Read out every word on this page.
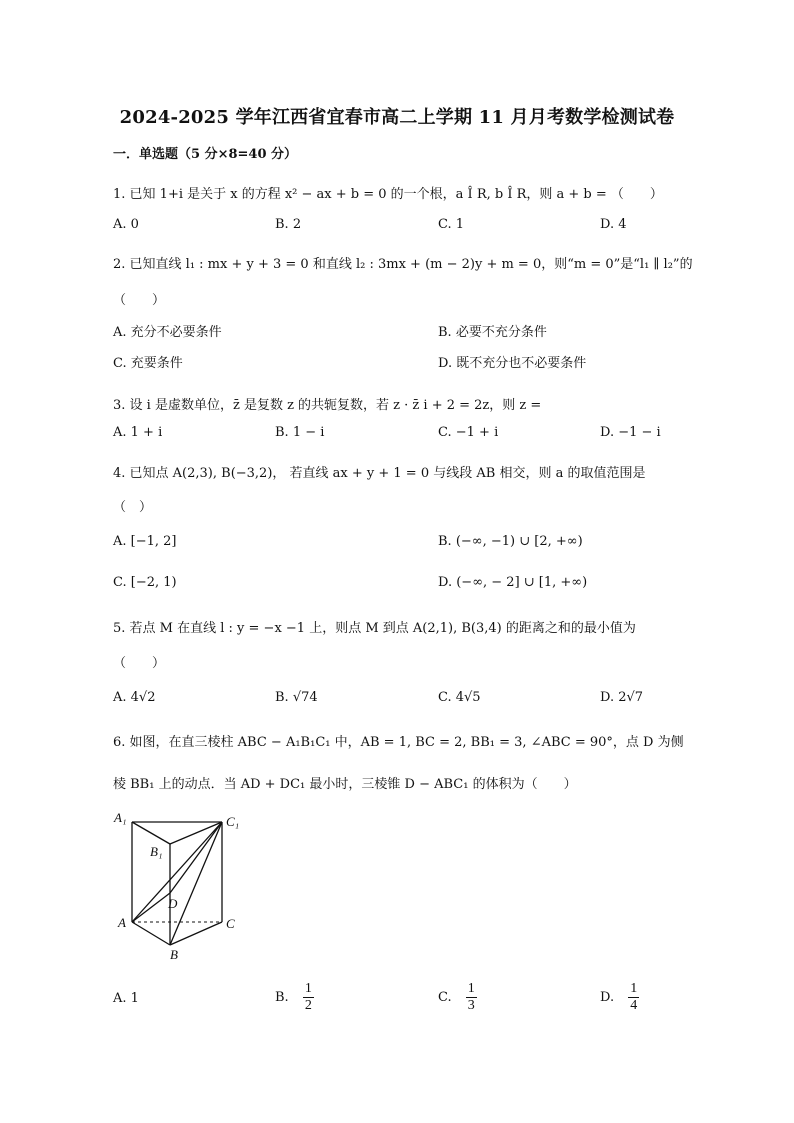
2024-2025 学年江西省宜春市高二上学期 11 月月考数学检测试卷
一．单选题（5 分×8=40 分）
1. 已知 1+i 是关于 x 的方程 x² − ax + b = 0 的一个根，a Î R, b Î R，则 a + b = （　　）
A. 0	B. 2	C. 1	D. 4
2. 已知直线 l₁ : mx + y + 3 = 0 和直线 l₂ : 3mx + (m − 2)y + m = 0，则“m = 0”是“l₁ ∥ l₂”的
（　　）
A. 充分不必要条件	B. 必要不充分条件
C. 充要条件	D. 既不充分也不必要条件
3. 设 i 是虚数单位，z̄ 是复数 z 的共轭复数，若 z · z̄ i + 2 = 2z，则 z =
A. 1 + i	B. 1 − i	C. −1 + i	D. −1 − i
4. 已知点 A(2,3), B(−3,2)， 若直线 ax + y + 1 = 0 与线段 AB 相交，则 a 的取值范围是
（　）
A. [−1, 2]	B. (−∞, −1) ∪ [2, +∞)
C. [−2, 1)	D. (−∞, − 2] ∪ [1, +∞)
5. 若点 M 在直线 l : y = −x −1 上，则点 M 到点 A(2,1), B(3,4) 的距离之和的最小值为
（　　）
A. 4√2	B. √74	C. 4√5	D. 2√7
6. 如图，在直三棱柱 ABC − A₁B₁C₁ 中，AB = 1, BC = 2, BB₁ = 3, ∠ABC = 90°，点 D 为侧
棱 BB₁ 上的动点．当 AD + DC₁ 最小时，三棱锥 D − ABC₁ 的体积为（　　）
A₁	C₁
B₁
D
A	C
B
A. 1	B. $\frac{1}{2}$	C. $\frac{1}{3}$	D. $\frac{1}{4}$
